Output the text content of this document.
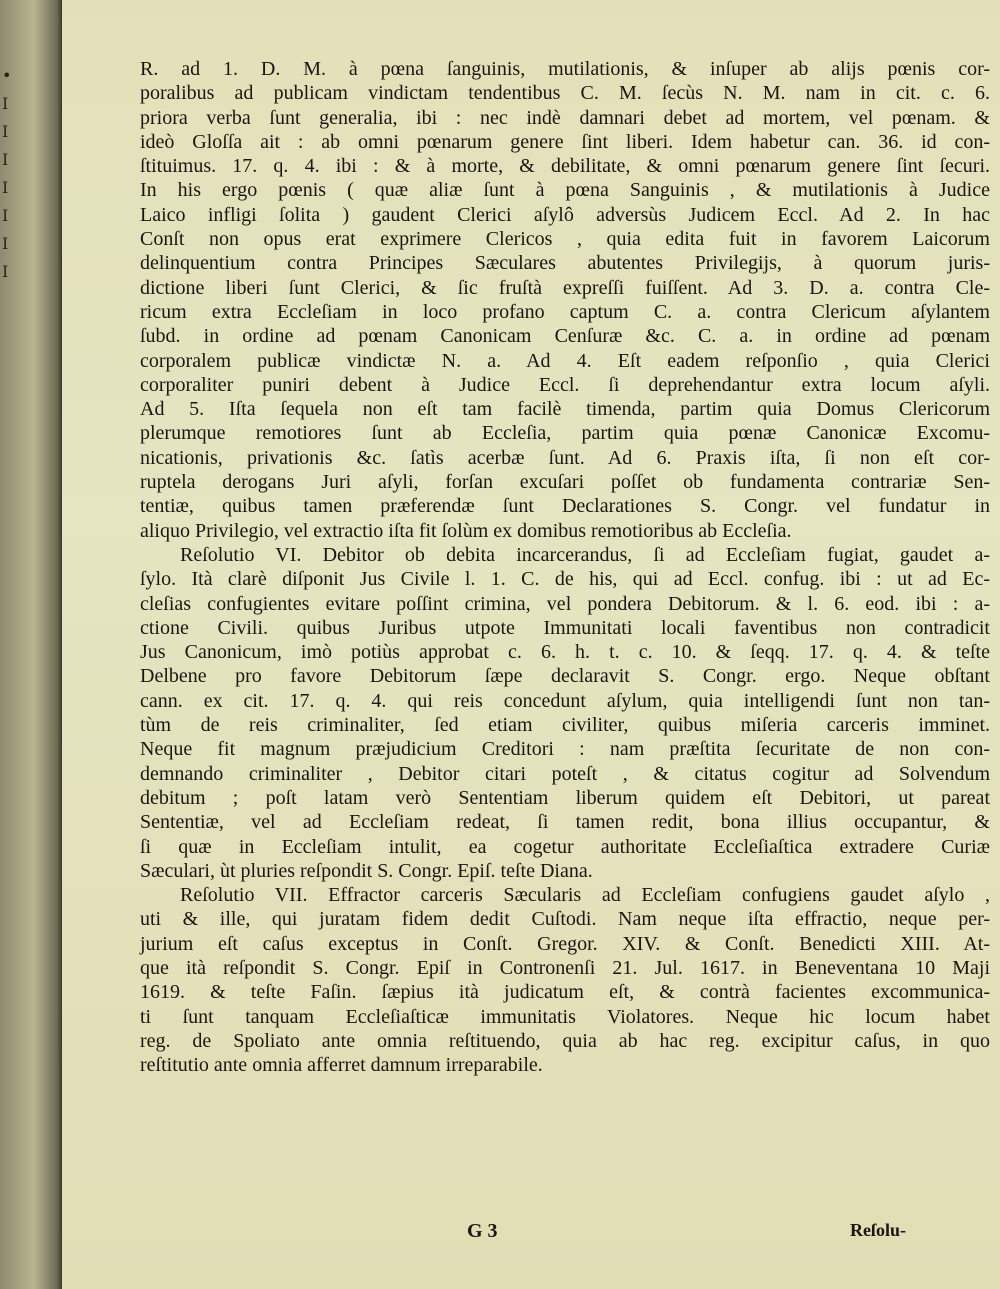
•
I
I
I
I
I
I
I
R. ad 1. D. M. à pœna ſanguinis, mutilationis, & inſuper ab alijs pœnis cor-
poralibus ad publicam vindictam tendentibus C. M. ſecùs N. M. nam in cit. c. 6.
priora verba ſunt generalia, ibi : nec indè damnari debet ad mortem, vel pœnam. &
ideò Gloſſa ait : ab omni pœnarum genere ſint liberi. Idem habetur can. 36. id con-
ſtituimus. 17. q. 4. ibi : & à morte, & debilitate, & omni pœnarum genere ſint ſecuri.
In his ergo pœnis ( quæ aliæ ſunt à pœna Sanguinis , & mutilationis à Judice
Laico infligi ſolita ) gaudent Clerici aſylô adversùs Judicem Eccl. Ad 2. In hac
Conſt non opus erat exprimere Clericos , quia edita fuit in favorem Laicorum
delinquentium contra Principes Sæculares abutentes Privilegijs, à quorum juris-
dictione liberi ſunt Clerici, & ſic fruſtà expreſſi fuiſſent. Ad 3. D. a. contra Cle-
ricum extra Eccleſiam in loco profano captum C. a. contra Clericum aſylantem
ſubd. in ordine ad pœnam Canonicam Cenſuræ &c. C. a. in ordine ad pœnam
corporalem publicæ vindictæ N. a. Ad 4. Eſt eadem reſponſio , quia Clerici
corporaliter puniri debent à Judice Eccl. ſi deprehendantur extra locum aſyli.
Ad 5. Iſta ſequela non eſt tam facilè timenda, partim quia Domus Clericorum
plerumque remotiores ſunt ab Eccleſia, partim quia pœnæ Canonicæ Excomu-
nicationis, privationis &c. ſatìs acerbæ ſunt. Ad 6. Praxis iſta, ſi non eſt cor-
ruptela derogans Juri aſyli, forſan excuſari poſſet ob fundamenta contrariæ Sen-
tentiæ, quibus tamen præferendæ ſunt Declarationes S. Congr. vel fundatur in
aliquo Privilegio, vel extractio iſta fit ſolùm ex domibus remotioribus ab Eccleſia.
Reſolutio VI. Debitor ob debita incarcerandus, ſi ad Eccleſiam fugiat, gaudet a-
ſylo. Ità clarè diſponit Jus Civile l. 1. C. de his, qui ad Eccl. confug. ibi : ut ad Ec-
cleſias confugientes evitare poſſint crimina, vel pondera Debitorum. & l. 6. eod. ibi : a-
ctione Civili. quibus Juribus utpote Immunitati locali faventibus non contradicit
Jus Canonicum, imò potiùs approbat c. 6. h. t. c. 10. & ſeqq. 17. q. 4. & teſte
Delbene pro favore Debitorum ſæpe declaravit S. Congr. ergo. Neque obſtant
cann. ex cit. 17. q. 4. qui reis concedunt aſylum, quia intelligendi ſunt non tan-
tùm de reis criminaliter, ſed etiam civiliter, quibus miſeria carceris imminet.
Neque fit magnum præjudicium Creditori : nam præſtita ſecuritate de non con-
demnando criminaliter , Debitor citari poteſt , & citatus cogitur ad Solvendum
debitum ; poſt latam verò Sententiam liberum quidem eſt Debitori, ut pareat
Sententiæ, vel ad Eccleſiam redeat, ſi tamen redit, bona illius occupantur, &
ſi quæ in Eccleſiam intulit, ea cogetur authoritate Eccleſiaſtica extradere Curiæ
Sæculari, ùt pluries reſpondit S. Congr. Epiſ. teſte Diana.
Reſolutio VII. Effractor carceris Sæcularis ad Eccleſiam confugiens gaudet aſylo ,
uti & ille, qui juratam fidem dedit Cuſtodi. Nam neque iſta effractio, neque per-
jurium eſt caſus exceptus in Conſt. Gregor. XIV. & Conſt. Benedicti XIII. At-
que ità reſpondit S. Congr. Epiſ in Contronenſi 21. Jul. 1617. in Beneventana 10 Maji
1619. & teſte Faſin. ſæpius ità judicatum eſt, & contrà facientes excommunica-
ti ſunt tanquam Eccleſiaſticæ immunitatis Violatores. Neque hic locum habet
reg. de Spoliato ante omnia reſtituendo, quia ab hac reg. excipitur caſus, in quo
reſtitutio ante omnia afferret damnum irreparabile.
G 3	Reſolu-
